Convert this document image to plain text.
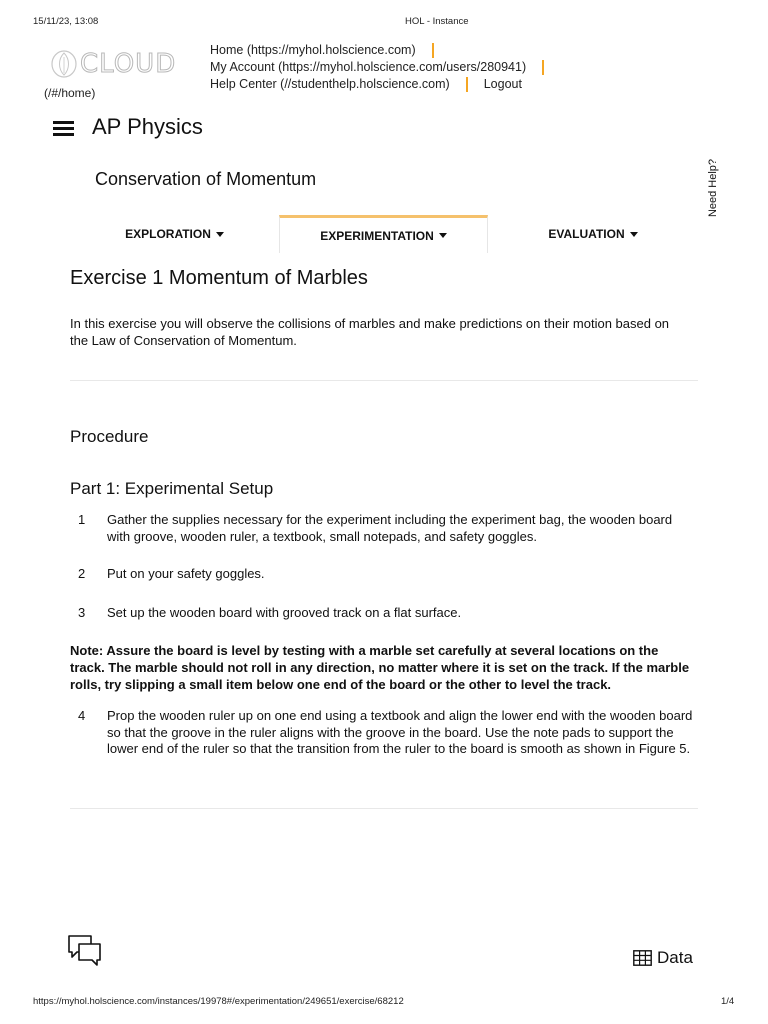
15/11/23, 13:08	HOL - Instance
https://myhol.holscience.com/instances/19978#/experimentation/249651/exercise/68212	1/4
CLOUD
(/#/home)
Home (https://myhol.holscience.com)
My Account (https://myhol.holscience.com/users/280941)
Help Center (//studenthelp.holscience.com)	Logout
AP Physics
Conservation of Momentum	Need Help?
EXPLORATION	EXPERIMENTATION	EVALUATION
Exercise 1 Momentum of Marbles
In this exercise you will observe the collisions of marbles and make predictions on their motion based on the Law of Conservation of Momentum.
Procedure
Part 1: Experimental Setup
1 Gather the supplies necessary for the experiment including the experiment bag, the wooden board with groove, wooden ruler, a textbook, small notepads, and safety goggles.
2 Put on your safety goggles.
3 Set up the wooden board with grooved track on a flat surface.
Note: Assure the board is level by testing with a marble set carefully at several locations on the track. The marble should not roll in any direction, no matter where it is set on the track. If the marble rolls, try slipping a small item below one end of the board or the other to level the track.
4 Prop the wooden ruler up on one end using a textbook and align the lower end with the wooden board so that the groove in the ruler aligns with the groove in the board. Use the note pads to support the lower end of the ruler so that the transition from the ruler to the board is smooth as shown in Figure 5.
Data
